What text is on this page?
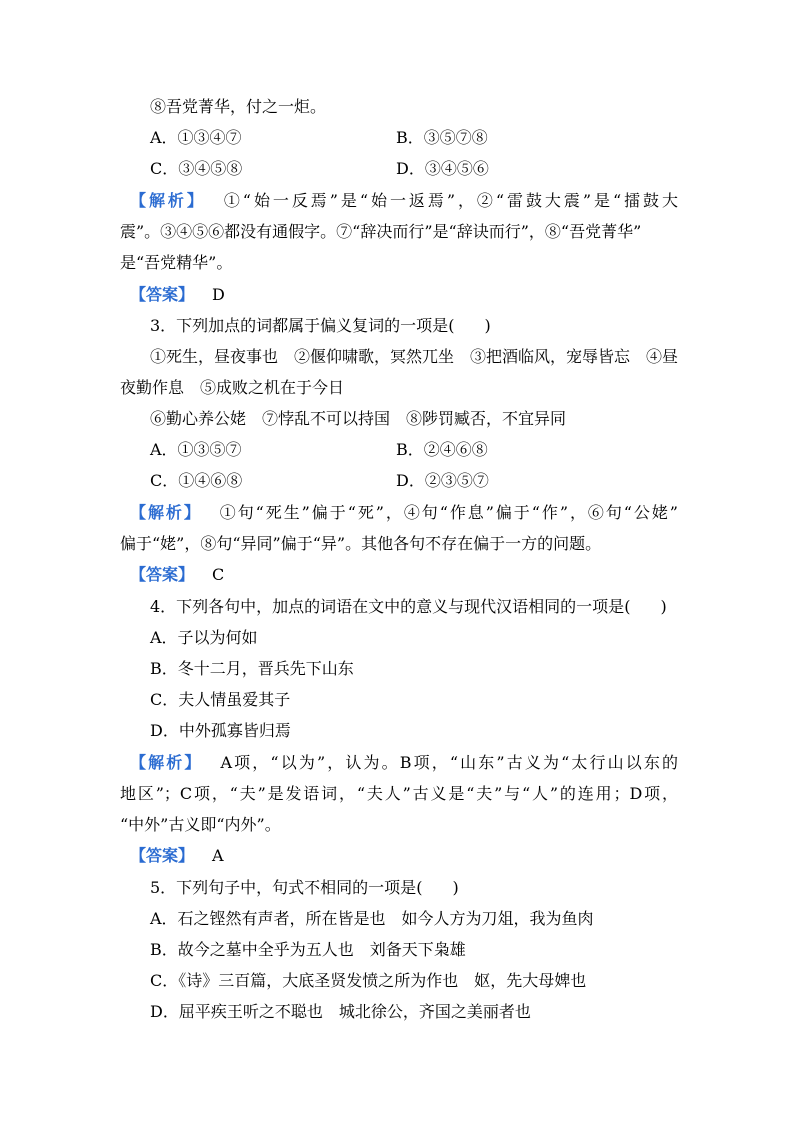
⑧吾党菁华，付之一炬。
A．①③④⑦	B．③⑤⑦⑧
C．③④⑤⑧	D．③④⑤⑥
【解析】 ①“始一反焉”是“始一返焉”，②“雷鼓大震”是“擂鼓大
震”。③④⑤⑥都没有通假字。⑦“辞决而行”是“辞诀而行”，⑧“吾党菁华”
是“吾党精华”。
【答案】 D
3．下列加点的词都属于偏义复词的一项是( )
①死生，昼夜事也　②偃仰啸歌，冥然兀坐　③把酒临风，宠辱皆忘　④昼
夜勤作息　⑤成败之机在于今日
⑥勤心养公姥　⑦悖乱不可以持国　⑧陟罚臧否，不宜异同
A．①③⑤⑦	B．②④⑥⑧
C．①④⑥⑧	D．②③⑤⑦
【解析】 ①句“死生”偏于“死”，④句“作息”偏于“作”，⑥句“公姥”
偏于“姥”，⑧句“异同”偏于“异”。其他各句不存在偏于一方的问题。
【答案】 C
4．下列各句中，加点的词语在文中的意义与现代汉语相同的一项是( )
A．子以为何如
B．冬十二月，晋兵先下山东
C．夫人情虽爱其子
D．中外孤寡皆归焉
【解析】 A项，“以为”，认为。B项，“山东”古义为“太行山以东的
地区”；C项，“夫”是发语词，“夫人”古义是“夫”与“人”的连用；D项，
“中外”古义即“内外”。
【答案】 A
5．下列句子中，句式不相同的一项是( )
A．石之铿然有声者，所在皆是也　如今人方为刀俎，我为鱼肉
B．故今之墓中全乎为五人也　刘备天下枭雄
C．《诗》三百篇，大底圣贤发愤之所为作也　妪，先大母婢也
D．屈平疾王听之不聪也　城北徐公，齐国之美丽者也
